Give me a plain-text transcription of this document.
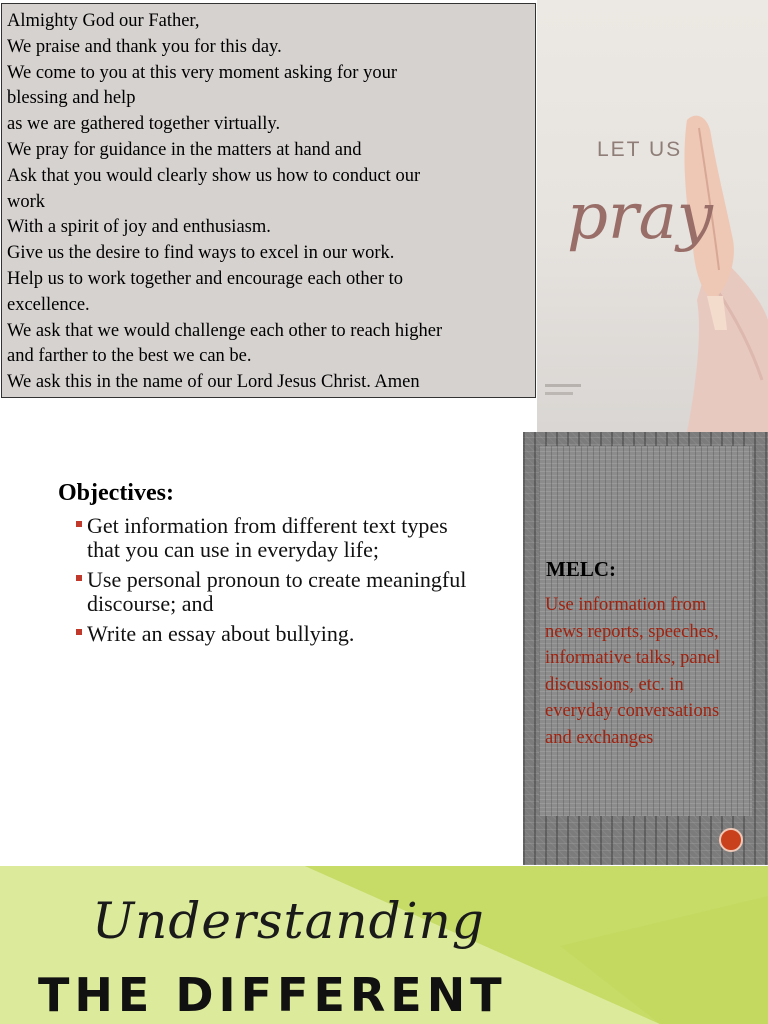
Almighty God our Father,
We praise and thank you for this day.
We come to you at this very moment asking for your
blessing and help
as we are gathered together virtually.
We pray for guidance in the matters at hand and
Ask that you would clearly show us how to conduct our
work
With a spirit of joy and enthusiasm.
Give us the desire to find ways to excel in our work.
Help us to work together and encourage each other to
excellence.
We ask that we would challenge each other to reach higher
and farther to the best we can be.
We ask this in the name of our Lord Jesus Christ. Amen
LET US
pray
Objectives:
Get information from different text types that you can use in everyday life;
Use personal pronoun to create meaningful discourse; and
Write an essay about bullying.
MELC:
Use information from news reports, speeches, informative talks, panel discussions, etc. in everyday conversations and exchanges
Understanding
THE DIFFERENT
